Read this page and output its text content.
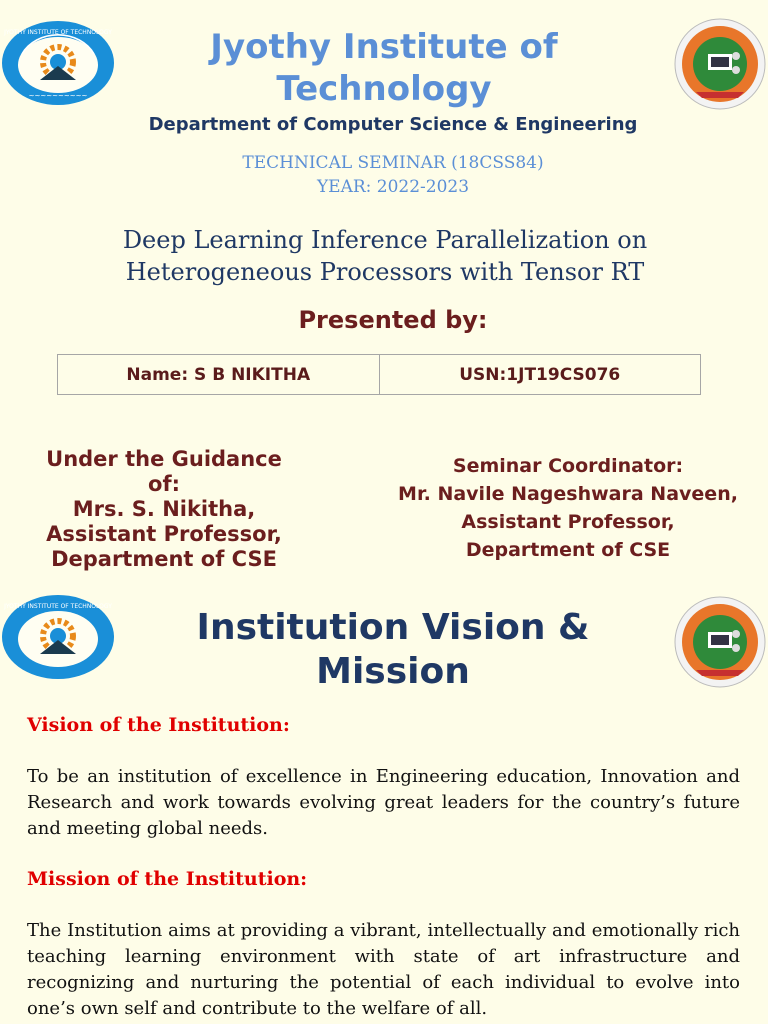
~~~~~~~~~~
JYOTHY INSTITUTE OF TECHNOLOGY	Jyothy Institute of Technology
Department of Computer Science & Engineering
TECHNICAL SEMINAR (18CSS84)
YEAR: 2022-2023
Deep Learning Inference Parallelization on Heterogeneous Processors with Tensor RT
Presented by:
Name: S B NIKITHA	USN:1JT19CS076
Under the Guidance of:
Mrs. S. Nikitha,
Assistant Professor,
Department of CSE
Seminar Coordinator:
Mr. Navile Nageshwara Naveen,
Assistant Professor,
Department of CSE
JYOTHY INSTITUTE OF TECHNOLOGY
Institution Vision & Mission
Vision of the Institution:
To be an institution of excellence in Engineering education, Innovation and Research and work towards evolving great leaders for the country’s future and meeting global needs.
Mission of the Institution:
The Institution aims at providing a vibrant, intellectually and emotionally rich teaching learning environment with state of art infrastructure and recognizing and nurturing the potential of each individual to evolve into one’s own self and contribute to the welfare of all.
